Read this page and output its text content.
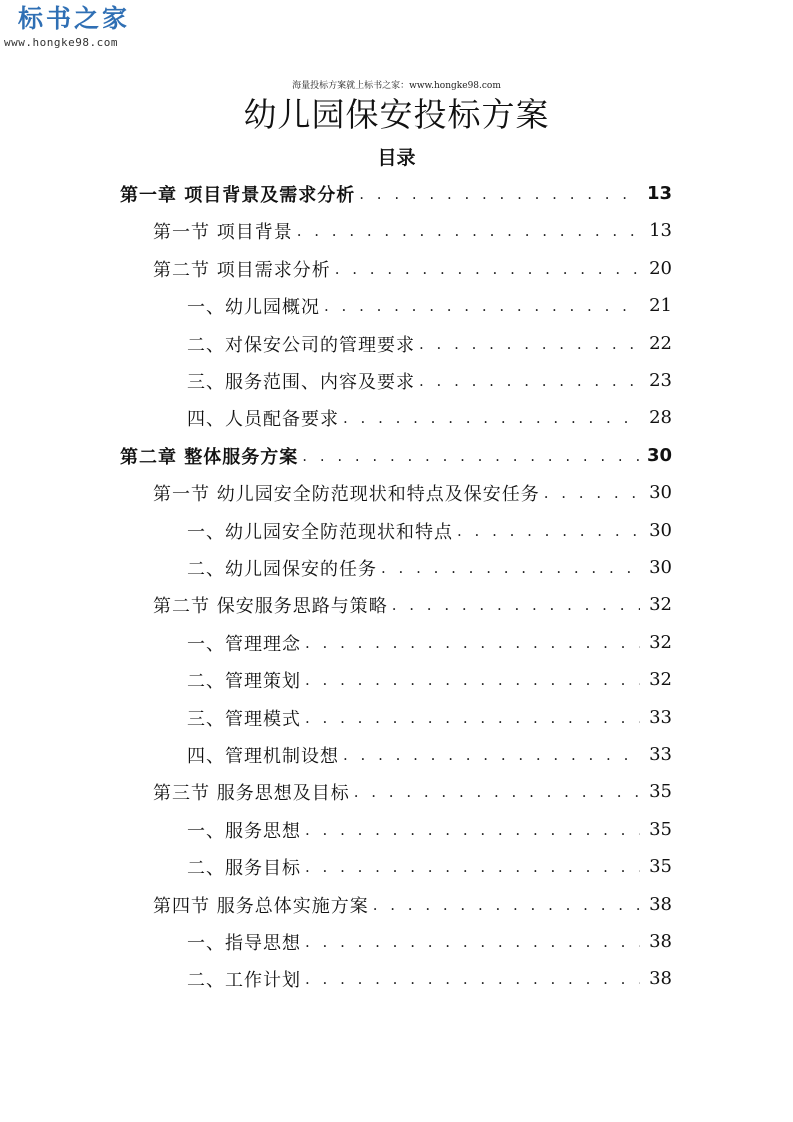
标书之家
www.hongke98.com
海量投标方案就上标书之家：www.hongke98.com
幼儿园保安投标方案
目录
第一章 项目背景及需求分析 . . .	13
第一节 项目背景 . . .	13
第二节 项目需求分析 . . .	20
一、幼儿园概况 . . .	21
二、对保安公司的管理要求 . . .	22
三、服务范围、内容及要求 . . .	23
四、人员配备要求 . . .	28
第二章 整体服务方案 . . .	30
第一节 幼儿园安全防范现状和特点及保安任务 . . .	30
一、幼儿园安全防范现状和特点 . . .	30
二、幼儿园保安的任务 . . .	30
第二节 保安服务思路与策略 . . .	32
一、管理理念 . . .	32
二、管理策划 . . .	32
三、管理模式 . . .	33
四、管理机制设想 . . .	33
第三节 服务思想及目标 . . .	35
一、服务思想 . . .	35
二、服务目标 . . .	35
第四节 服务总体实施方案 . . .	38
一、指导思想 . . .	38
二、工作计划 . . .	38
